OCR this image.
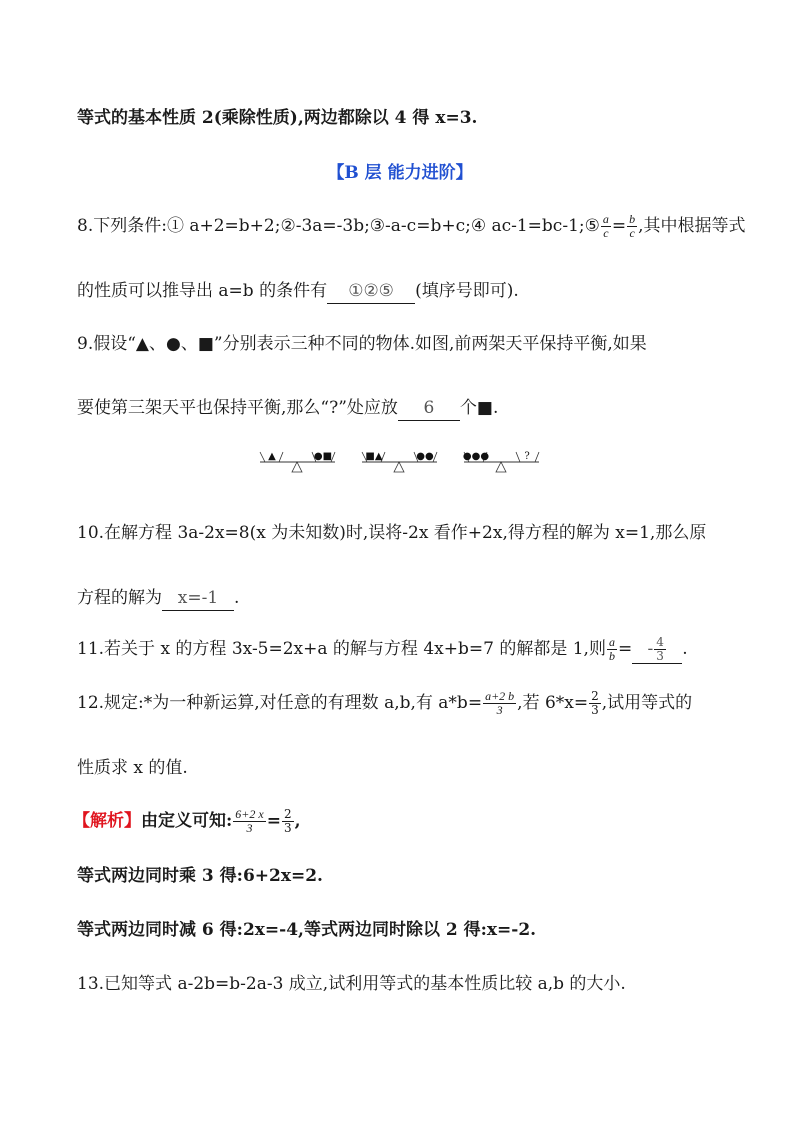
等式的基本性质 2(乘除性质),两边都除以 4 得 x=3.
【B 层 能力进阶】
8.下列条件:① a+2=b+2;②-3a=-3b;③-a-c=b+c;④ ac-1=bc-1;⑤ $\frac{a}{c} = \frac{b}{c}$ ,其中根据等式
的性质可以推导出 a=b 的条件有 ①②⑤ (填序号即可).
9.假设“▲、●、■”分别表示三种不同的物体.如图,前两架天平保持平衡,如果
要使第三架天平也保持平衡,那么“?”处应放 6 个■.
▲	●■	■▲	●●	●●●	?
10.在解方程 3a-2x=8(x 为未知数)时,误将-2x 看作+2x,得方程的解为 x=1,那么原
方程的解为 x=-1 .
11.若关于 x 的方程 3x-5=2x+a 的解与方程 4x+b=7 的解都是 1,则 $\frac{a}{b}$ = - $\frac{4}{3}$ .
12.规定:*为一种新运算,对任意的有理数 a,b,有 $a*b= \frac{a+2 b}{3}$ ,若 $6*x= \frac{2}{3}$ ,试用等式的
性质求 x 的值.
【解析】由定义可知: $\frac{6+2 x}{3} = \frac{2}{3}$ ,
等式两边同时乘 3 得:6+2x=2.
等式两边同时减 6 得:2x=-4,等式两边同时除以 2 得:x=-2.
13.已知等式 a-2b=b-2a-3 成立,试利用等式的基本性质比较 a,b 的大小.
